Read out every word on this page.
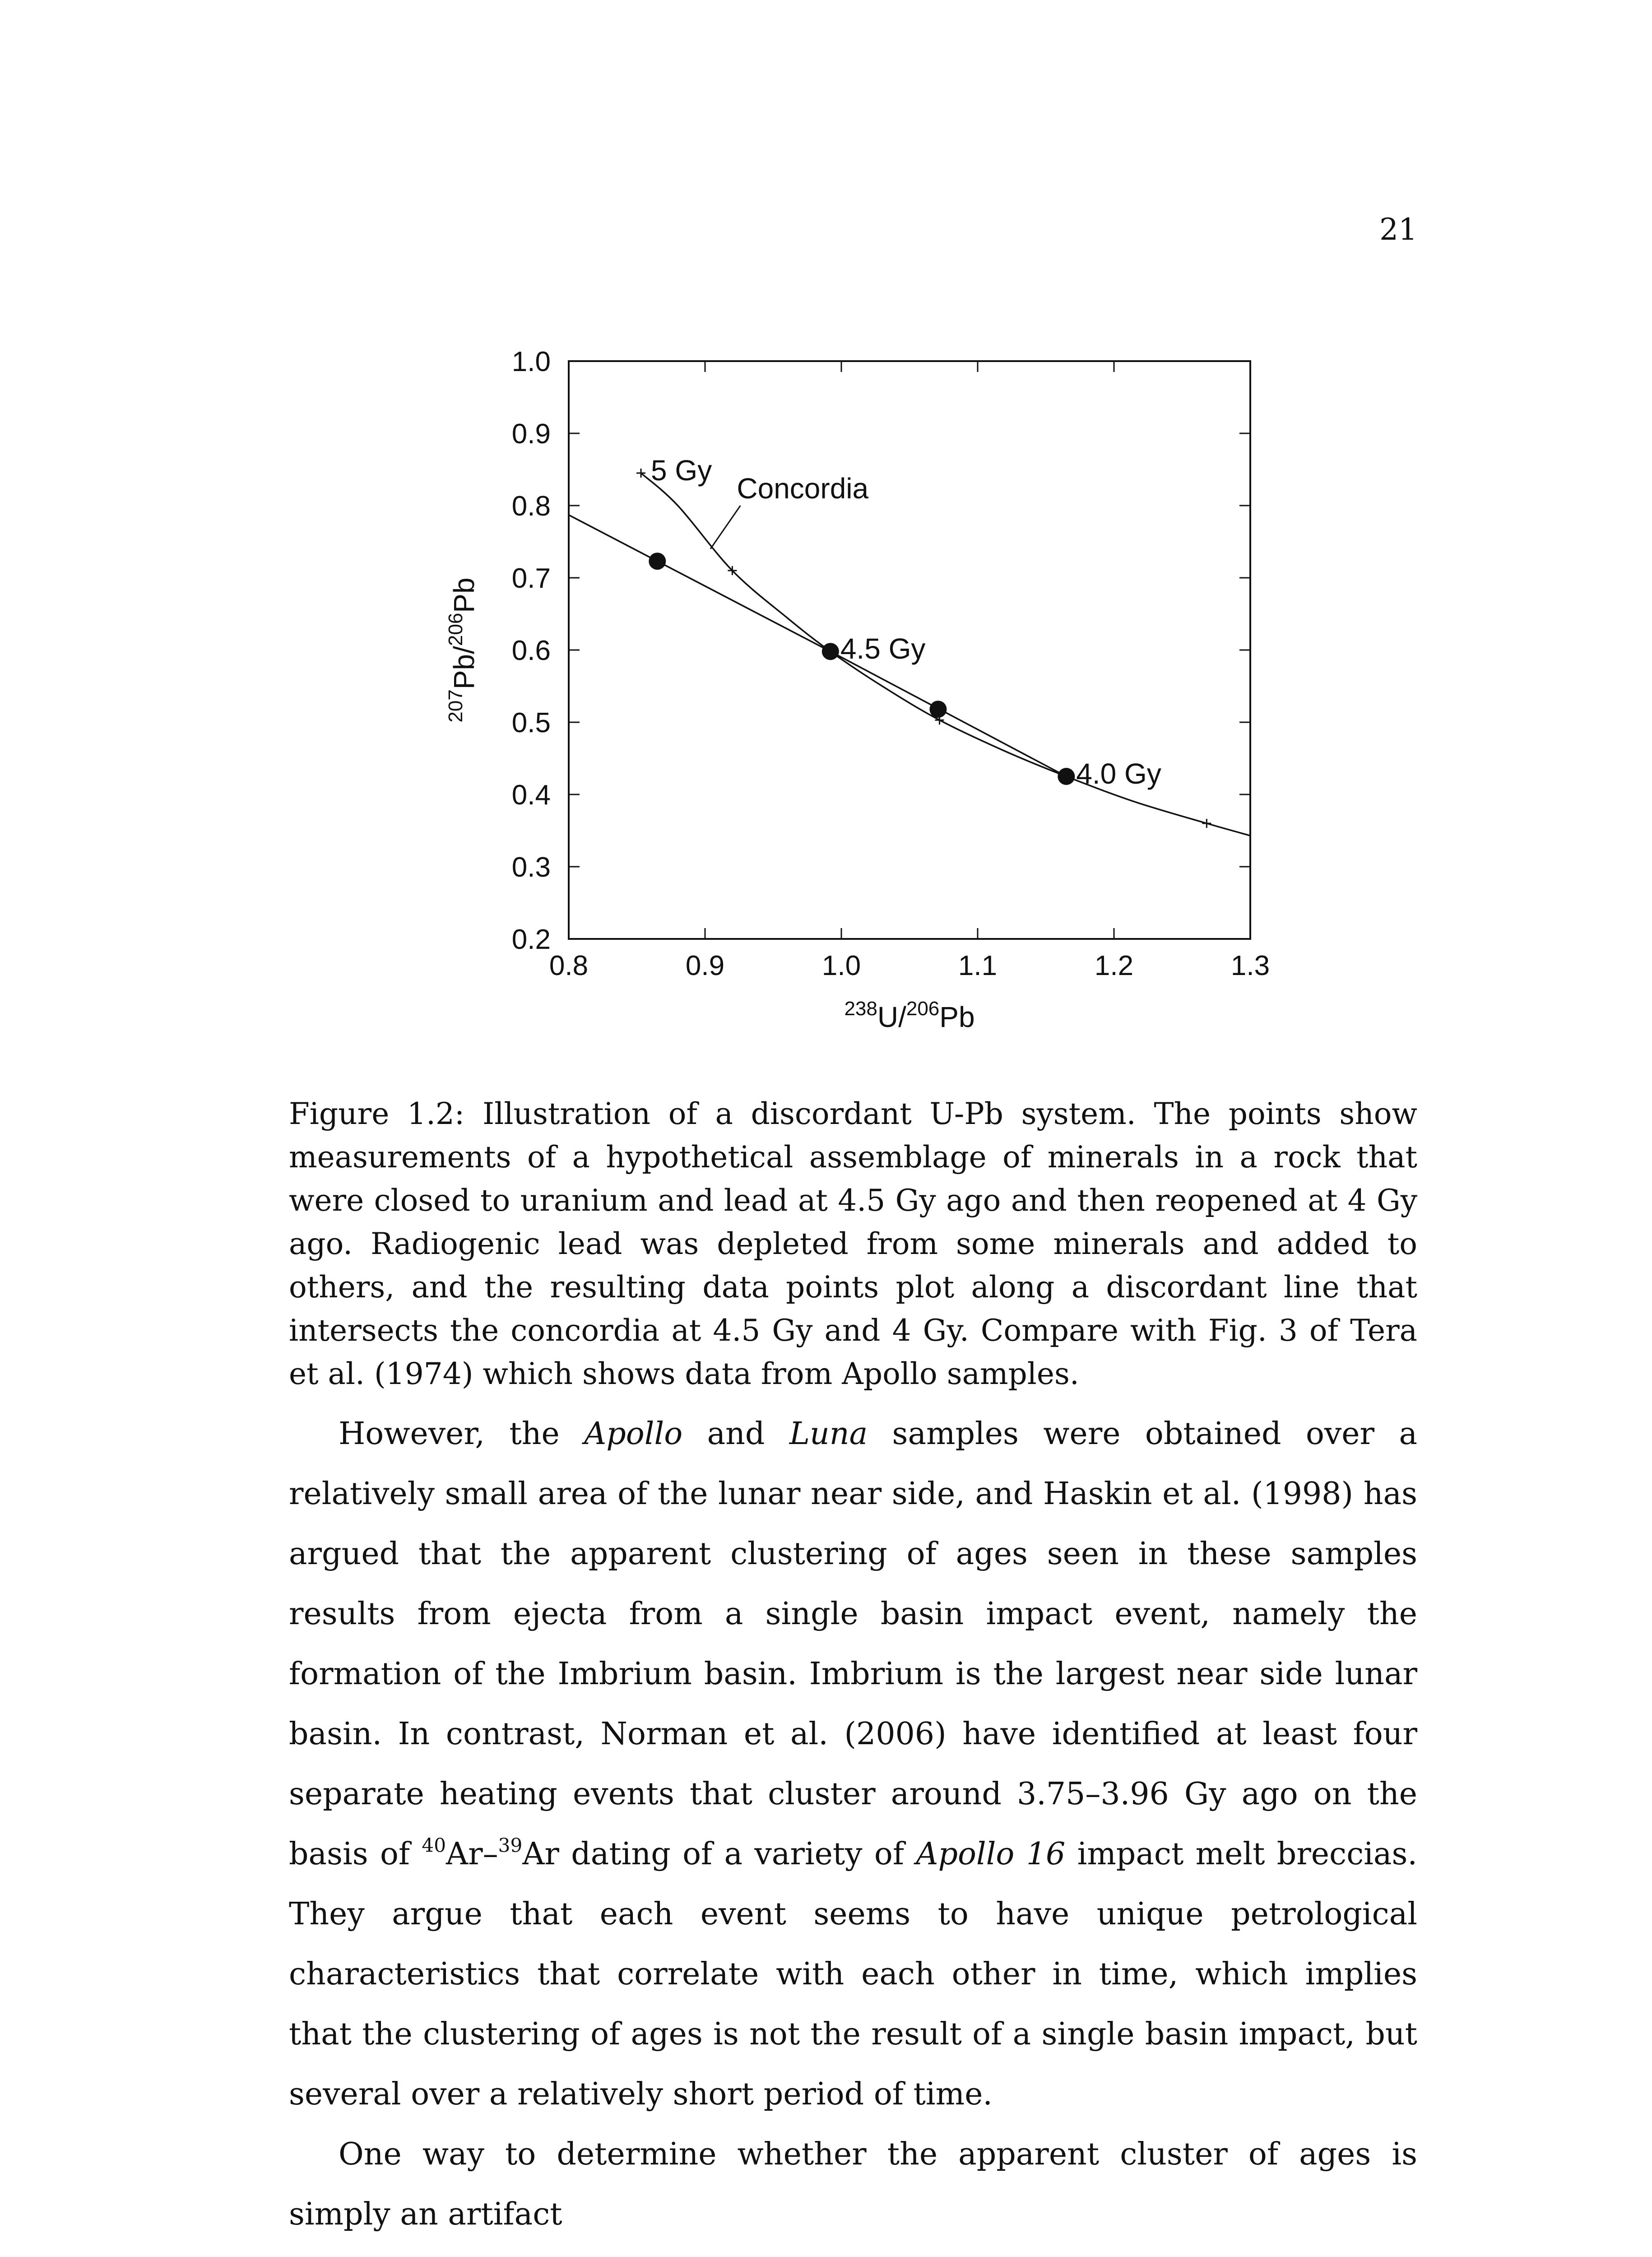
21
0.8	0.9	1.0	1.1	1.2	1.3
0.2
0.3
0.4
0.5
0.6
0.7
0.8
0.9
1.0
5 Gy
4.5 Gy
4.0 Gy
Concordia
$^{238}$U/$^{206}$Pb
$^{207}$Pb/$^{206}$Pb

Figure 1.2: Illustration of a discordant U-Pb system. The points show measurements of a hypothetical assemblage of minerals in a rock that were closed to uranium and lead at 4.5 Gy ago and then reopened at 4 Gy ago. Radiogenic lead was depleted from some minerals and added to others, and the resulting data points plot along a discordant line that intersects the concordia at 4.5 Gy and 4 Gy. Compare with Fig. 3 of Tera et al. (1974) which shows data from Apollo samples.

However, the Apollo and Luna samples were obtained over a relatively small area of the lunar near side, and Haskin et al. (1998) has argued that the apparent clustering of ages seen in these samples results from ejecta from a single basin impact event, namely the formation of the Imbrium basin. Imbrium is the largest near side lunar basin. In contrast, Norman et al. (2006) have identified at least four separate heating events that cluster around 3.75–3.96 Gy ago on the basis of $^{40}$Ar–$^{39}$Ar dating of a variety of Apollo 16 impact melt breccias. They argue that each event seems to have unique petrological characteristics that correlate with each other in time, which implies that the clustering of ages is not the result of a single basin impact, but several over a relatively short period of time.

One way to determine whether the apparent cluster of ages is simply an artifact
